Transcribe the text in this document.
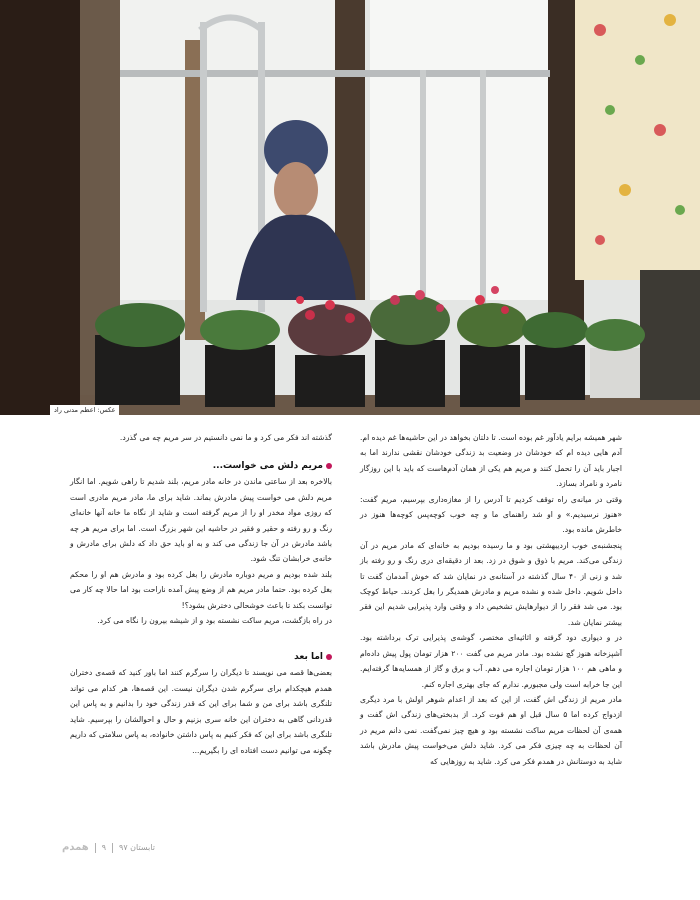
عکس: اعظم مدنی راد

شهر همیشه برایم یادآور غم بوده است. تا دلتان بخواهد در این حاشیه‌ها غم دیده ام. آدم هایی دیده ام که خودشان در وضعیت بد زندگی خودشان نقشی ندارند اما به اجبار باید آن را تحمل کنند و مریم هم یکی از همان آدم‌هاست که باید با این روزگار نامرد و نامراد بسازد.

وقتی در میانه‌ی راه توقف کردیم تا آدرس را از مغازه‌داری بپرسیم، مریم گفت: «هنوز نرسیدیم.» و او شد راهنمای ما و چه خوب کوچه‌پس کوچه‌ها هنوز در خاطرش مانده بود.

پنجشنبه‌ی خوب اردیبهشتی بود و ما رسیده بودیم به خانه‌ای که مادر مریم در آن زندگی می‌کند. مریم با ذوق و شوق در زد. بعد از دقیقه‌ای دری رنگ و رو رفته باز شد و زنی از ۴۰ سال گذشته در آستانه‌ی در نمایان شد که خوش آمدمان گفت تا داخل شویم. داخل شده و نشده مریم و مادرش همدیگر را بغل کردند. حیاط کوچک بود. می شد فقر را از دیوارهایش تشخیص داد و وقتی وارد پذیرایی شدیم این فقر بیشتر نمایان شد.

در و دیواری دود گرفته و اثاثیه‌ای مختصر، گوشه‌ی پذیرایی ترک برداشته بود. آشپزخانه هنوز گچ نشده بود. مادر مریم می گفت ۲۰۰ هزار تومان پول پیش داده‌ام و ماهی هم ۱۰۰ هزار تومان اجاره می دهم. آب و برق و گاز از همسایه‌ها گرفته‌ایم. این جا خرابه است ولی مجبورم. ندارم که جای بهتری اجاره کنم.

مادر مریم از زندگی اش گفت، از این که بعد از اعدام شوهر اولش با مرد دیگری ازدواج کرده اما ۵ سال قبل او هم فوت کرد. از بدبختی‌های زندگی اش گفت و همه‌ی آن لحظات مریم ساکت نشسته بود و هیچ چیز نمی‌گفت. نمی دانم مریم در آن لحظات به چه چیزی فکر می کرد. شاید دلش می‌خواست پیش مادرش باشد شاید به دوستانش در همدم فکر می کرد. شاید به روزهایی که

گذشته اند فکر می کرد و ما نمی دانستیم در سر مریم چه می گذرد.

مریم دلش می خواست...

بالاخره بعد از ساعتی ماندن در خانه مادر مریم، بلند شدیم تا راهی شویم. اما انگار مریم دلش می خواست پیش مادرش بماند. شاید برای ما، مادر مریم مادری است که روزی مواد مخدر او را از مریم گرفته است و شاید از نگاه ما خانه آنها خانه‌ای رنگ و رو رفته و حقیر و فقیر در حاشیه این شهر بزرگ است. اما برای مریم هر چه باشد مادرش در آن جا زندگی می کند و به او باید حق داد که دلش برای مادرش و خانه‌ی خرابشان تنگ شود.

بلند شده بودیم و مریم دوباره مادرش را بغل کرده بود و مادرش هم او را محکم بغل کرده بود. حتما مادر مریم هم از وضع پیش آمده ناراحت بود اما حالا چه کار می توانست بکند تا باعث خوشحالی دخترش بشود؟!

در راه بازگشت، مریم ساکت نشسته بود و از شیشه بیرون را نگاه می کرد.

اما بعد

بعضی‌ها قصه می نویسند تا دیگران را سرگرم کنند اما باور کنید که قصه‌ی دختران همدم هیچکدام برای سرگرم شدن دیگران نیست. این قصه‌ها، هر کدام می تواند تلنگری باشد برای من و شما برای این که قدر زندگی خود را بدانیم و به پاس این قدردانی گاهی به دختران این خانه سری بزنیم و حال و احوالشان را بپرسیم. شاید تلنگری باشد برای این که فکر کنیم به پاس داشتن خانواده، به پاس سلامتی که داریم چگونه می توانیم دست افتاده ای را بگیریم...

همدم ۹ تابستان ۹۷
